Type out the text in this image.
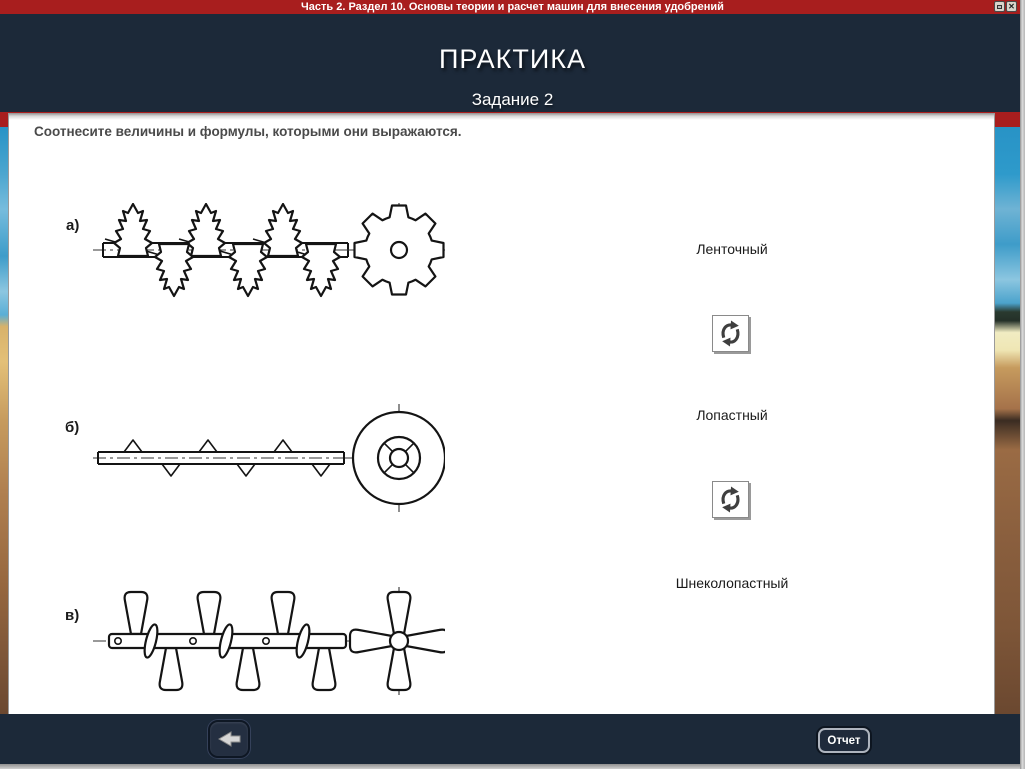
Часть 2. Раздел 10. Основы теории и расчет машин для внесения удобрений	✕
ПРАКТИКА
Задание 2
Соотнесите величины и формулы, которыми они выражаются.
а)
б)
в)
Ленточный
Лопастный
Шнеколопастный
Отчет
